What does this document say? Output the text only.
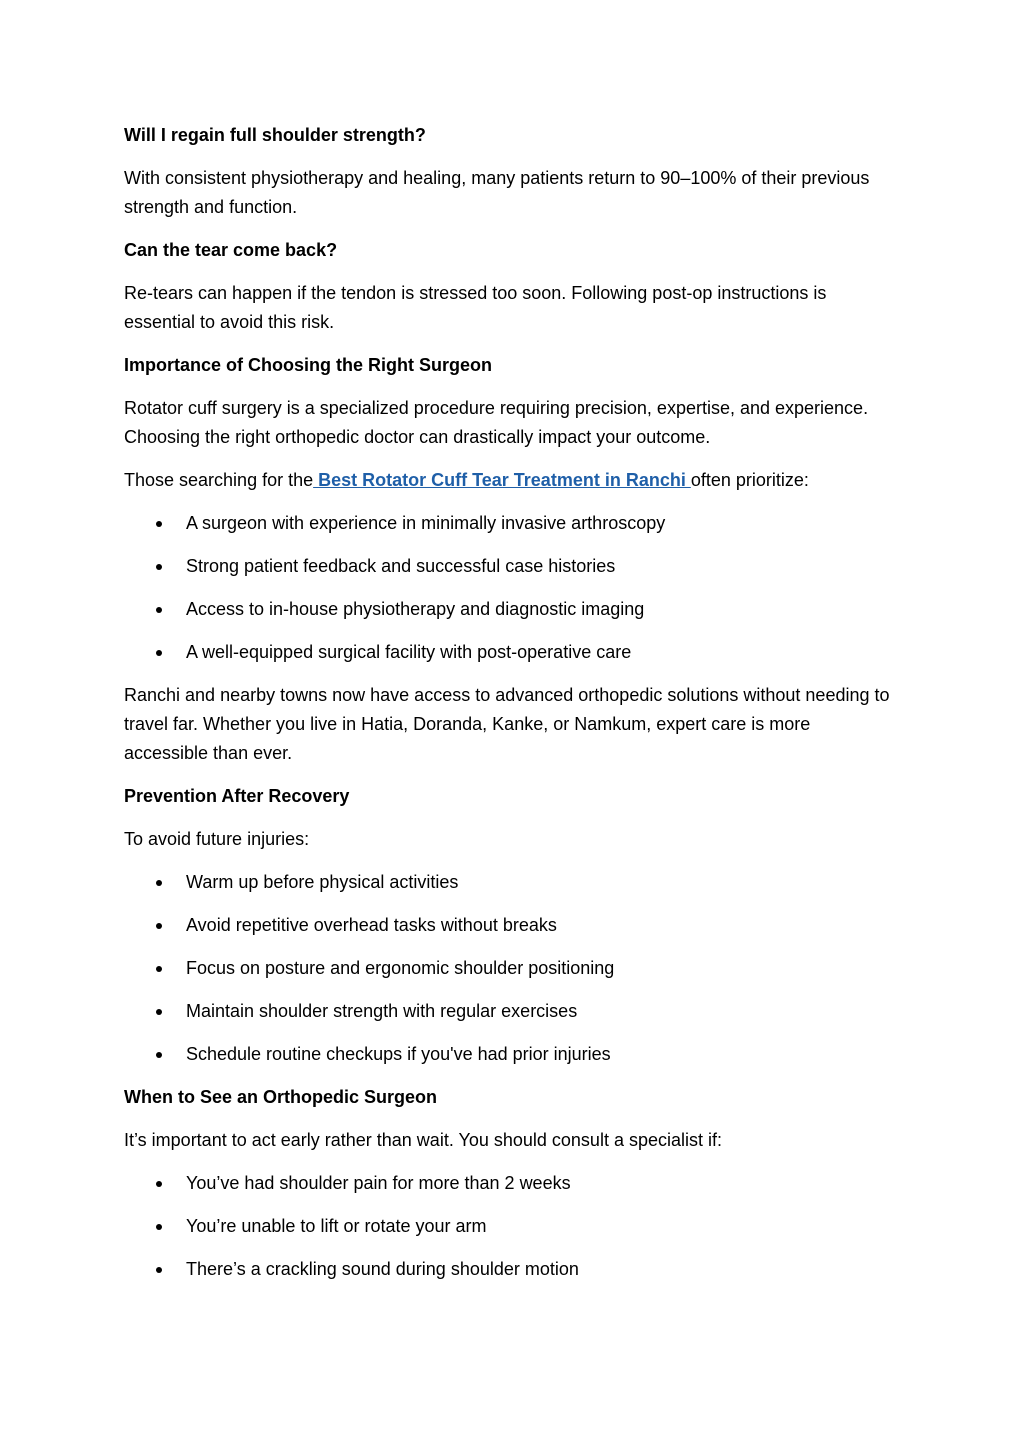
Will I regain full shoulder strength?

With consistent physiotherapy and healing, many patients return to 90–100% of their previous strength and function.

Can the tear come back?

Re-tears can happen if the tendon is stressed too soon. Following post-op instructions is essential to avoid this risk.

Importance of Choosing the Right Surgeon

Rotator cuff surgery is a specialized procedure requiring precision, expertise, and experience. Choosing the right orthopedic doctor can drastically impact your outcome.

Those searching for the Best Rotator Cuff Tear Treatment in Ranchi often prioritize:

A surgeon with experience in minimally invasive arthroscopy
Strong patient feedback and successful case histories
Access to in-house physiotherapy and diagnostic imaging
A well-equipped surgical facility with post-operative care

Ranchi and nearby towns now have access to advanced orthopedic solutions without needing to travel far. Whether you live in Hatia, Doranda, Kanke, or Namkum, expert care is more accessible than ever.

Prevention After Recovery

To avoid future injuries:

Warm up before physical activities
Avoid repetitive overhead tasks without breaks
Focus on posture and ergonomic shoulder positioning
Maintain shoulder strength with regular exercises
Schedule routine checkups if you've had prior injuries

When to See an Orthopedic Surgeon

It’s important to act early rather than wait. You should consult a specialist if:

You’ve had shoulder pain for more than 2 weeks
You’re unable to lift or rotate your arm
There’s a crackling sound during shoulder motion
